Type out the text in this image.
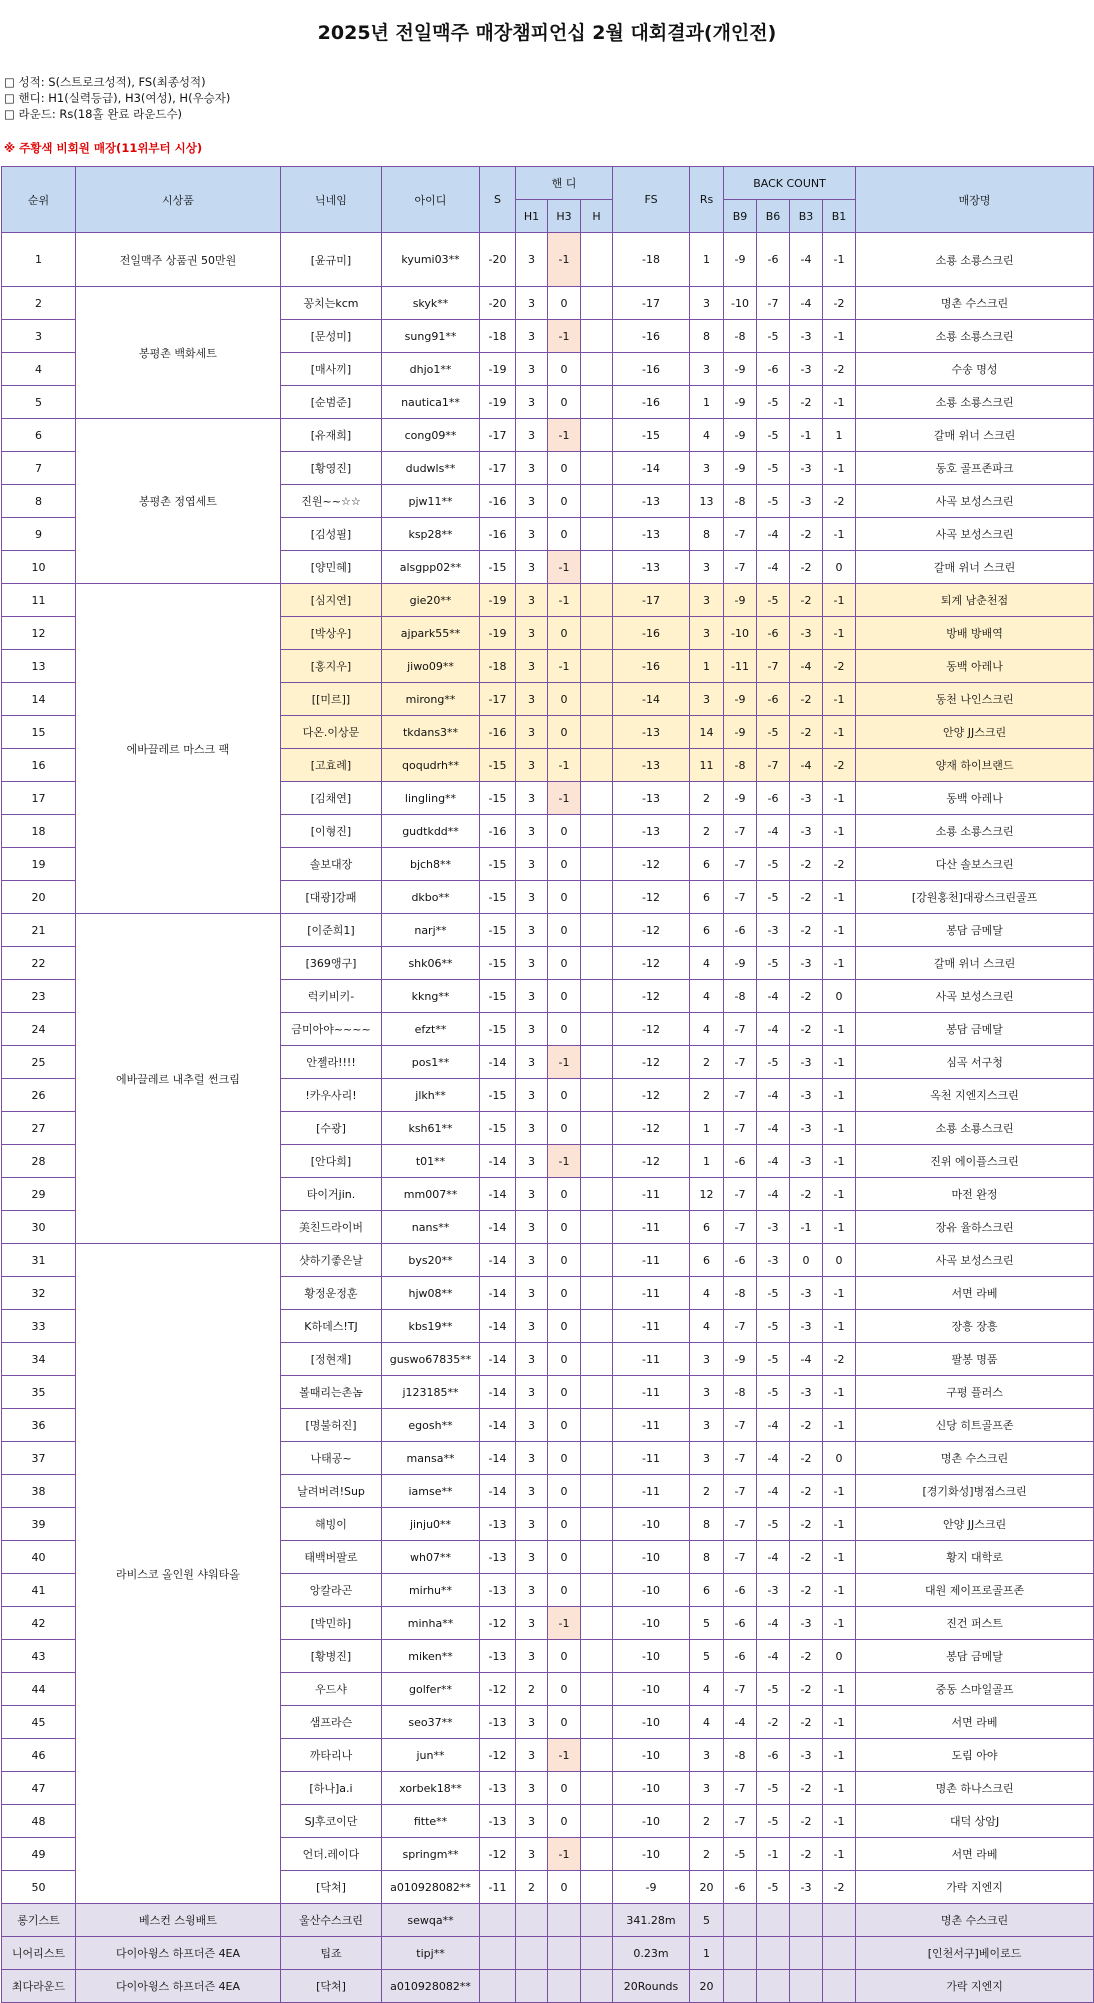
2025년 전일맥주 매장챔피언십 2월 대회결과(개인전)
□ 성적: S(스트로크성적), FS(최종성적)
□ 핸디: H1(실력등급), H3(여성), H(우승자)
□ 라운드: Rs(18홀 완료 라운드수)
※ 주황색 비회원 매장(11위부터 시상)
순위	시상품	닉네임	아이디	S	핸 디			FS	Rs	BACK COUNT				매장명
					H1	H3	H			B9	B6	B3	B1	
1	전일맥주 상품권 50만원	[윤규미]	kyumi03**	-20	3	-1		-18	1	-9	-6	-4	-1	소룡 소룡스크린
2	봉평촌 백화세트	꽁치는kcm	skyk**	-20	3	0		-17	3	-10	-7	-4	-2	명촌 수스크린
3		[문성미]	sung91**	-18	3	-1		-16	8	-8	-5	-3	-1	소룡 소룡스크린
4		[매사끼]	dhjo1**	-19	3	0		-16	3	-9	-6	-3	-2	수송 명성
5		[순범준]	nautica1**	-19	3	0		-16	1	-9	-5	-2	-1	소룡 소룡스크린
6	봉평촌 정엽세트	[유재희]	cong09**	-17	3	-1		-15	4	-9	-5	-1	1	갈매 위너 스크린
7		[황영진]	dudwls**	-17	3	0		-14	3	-9	-5	-3	-1	동호 골프존파크
8		진원~~☆☆	pjw11**	-16	3	0		-13	13	-8	-5	-3	-2	사곡 보성스크린
9		[김성필]	ksp28**	-16	3	0		-13	8	-7	-4	-2	-1	사곡 보성스크린
10		[양민혜]	alsgpp02**	-15	3	-1		-13	3	-7	-4	-2	0	갈매 위너 스크린
11	에바끌레르 마스크 팩	[심지연]	gie20**	-19	3	-1		-17	3	-9	-5	-2	-1	퇴계 남춘천점
12		[박상우]	ajpark55**	-19	3	0		-16	3	-10	-6	-3	-1	방배 방배역
13		[홍지우]	jiwo09**	-18	3	-1		-16	1	-11	-7	-4	-2	동백 아레나
14		[[미르]]	mirong**	-17	3	0		-14	3	-9	-6	-2	-1	동천 나인스크린
15		다온.이상문	tkdans3**	-16	3	0		-13	14	-9	-5	-2	-1	안양 JJ스크린
16		[고효례]	qoqudrh**	-15	3	-1		-13	11	-8	-7	-4	-2	양재 하이브랜드
17		[김채연]	lingling**	-15	3	-1		-13	2	-9	-6	-3	-1	동백 아레나
18		[이형진]	gudtkdd**	-16	3	0		-13	2	-7	-4	-3	-1	소룡 소룡스크린
19		솔보대장	bjch8**	-15	3	0		-12	6	-7	-5	-2	-2	다산 솔보스크린
20		[대광]강패	dkbo**	-15	3	0		-12	6	-7	-5	-2	-1	[강원홍천]대광스크린골프
21	에바끌레르 내추럴 썬크림	[이준희1]	narj**	-15	3	0		-12	6	-6	-3	-2	-1	봉담 금메달
22		[369앵구]	shk06**	-15	3	0		-12	4	-9	-5	-3	-1	갈매 위너 스크린
23		럭키비키-	kkng**	-15	3	0		-12	4	-8	-4	-2	0	사곡 보성스크린
24		금미아야~~~~	efzt**	-15	3	0		-12	4	-7	-4	-2	-1	봉담 금메달
25		안젤라!!!!	pos1**	-14	3	-1		-12	2	-7	-5	-3	-1	심곡 서구청
26		!카우사리!	jlkh**	-15	3	0		-12	2	-7	-4	-3	-1	옥천 지엔지스크린
27		[수광]	ksh61**	-15	3	0		-12	1	-7	-4	-3	-1	소룡 소룡스크린
28		[안다희]	t01**	-14	3	-1		-12	1	-6	-4	-3	-1	진위 에이플스크린
29		타이거jin.	mm007**	-14	3	0		-11	12	-7	-4	-2	-1	마전 완정
30		美친드라이버	nans**	-14	3	0		-11	6	-7	-3	-1	-1	장유 율하스크린
31	라비스코 올인원 샤워타올	샷하기좋은날	bys20**	-14	3	0		-11	6	-6	-3	0	0	사곡 보성스크린
32		황정운정훈	hjw08**	-14	3	0		-11	4	-8	-5	-3	-1	서면 라베
33		K하데스!TJ	kbs19**	-14	3	0		-11	4	-7	-5	-3	-1	장흥 장흥
34		[정현재]	guswo67835**	-14	3	0		-11	3	-9	-5	-4	-2	팔봉 명품
35		볼때리는촌놈	j123185**	-14	3	0		-11	3	-8	-5	-3	-1	구평 플러스
36		[명불허진]	egosh**	-14	3	0		-11	3	-7	-4	-2	-1	신당 히트골프존
37		나태공~	mansa**	-14	3	0		-11	3	-7	-4	-2	0	명촌 수스크린
38		날려버려!Sup	iamse**	-14	3	0		-11	2	-7	-4	-2	-1	[경기화성]병점스크린
39		해빙이	jinju0**	-13	3	0		-10	8	-7	-5	-2	-1	안양 JJ스크린
40		태백버팔로	wh07**	-13	3	0		-10	8	-7	-4	-2	-1	황지 대학로
41		앙칼라곤	mirhu**	-13	3	0		-10	6	-6	-3	-2	-1	대원 제이프로골프존
42		[박민하]	minha**	-12	3	-1		-10	5	-6	-4	-3	-1	진건 퍼스트
43		[황병진]	miken**	-13	3	0		-10	5	-6	-4	-2	0	봉담 금메달
44		우드샤	golfer**	-12	2	0		-10	4	-7	-5	-2	-1	중동 스마일골프
45		샘프라슨	seo37**	-13	3	0		-10	4	-4	-2	-2	-1	서면 라베
46		까타리나	jun**	-12	3	-1		-10	3	-8	-6	-3	-1	도림 아야
47		[하나]a.i	xorbek18**	-13	3	0		-10	3	-7	-5	-2	-1	명촌 하나스크린
48		SJ후코이단	fitte**	-13	3	0		-10	2	-7	-5	-2	-1	대덕 상암J
49		언더.레이다	springm**	-12	3	-1		-10	2	-5	-1	-2	-1	서면 라베
50		[닥쳐]	a010928082**	-11	2	0		-9	20	-6	-5	-3	-2	가락 지엔지
롱기스트	베스컨 스윙배트	울산수스크린	sewqa**					341.28m	5					명촌 수스크린
니어리스트	다이아윙스 하프더즌 4EA	팁죠	tipj**					0.23m	1					[인천서구]베이로드
최다라운드	다이아윙스 하프더즌 4EA	[닥쳐]	a010928082**					20Rounds	20					가락 지엔지
